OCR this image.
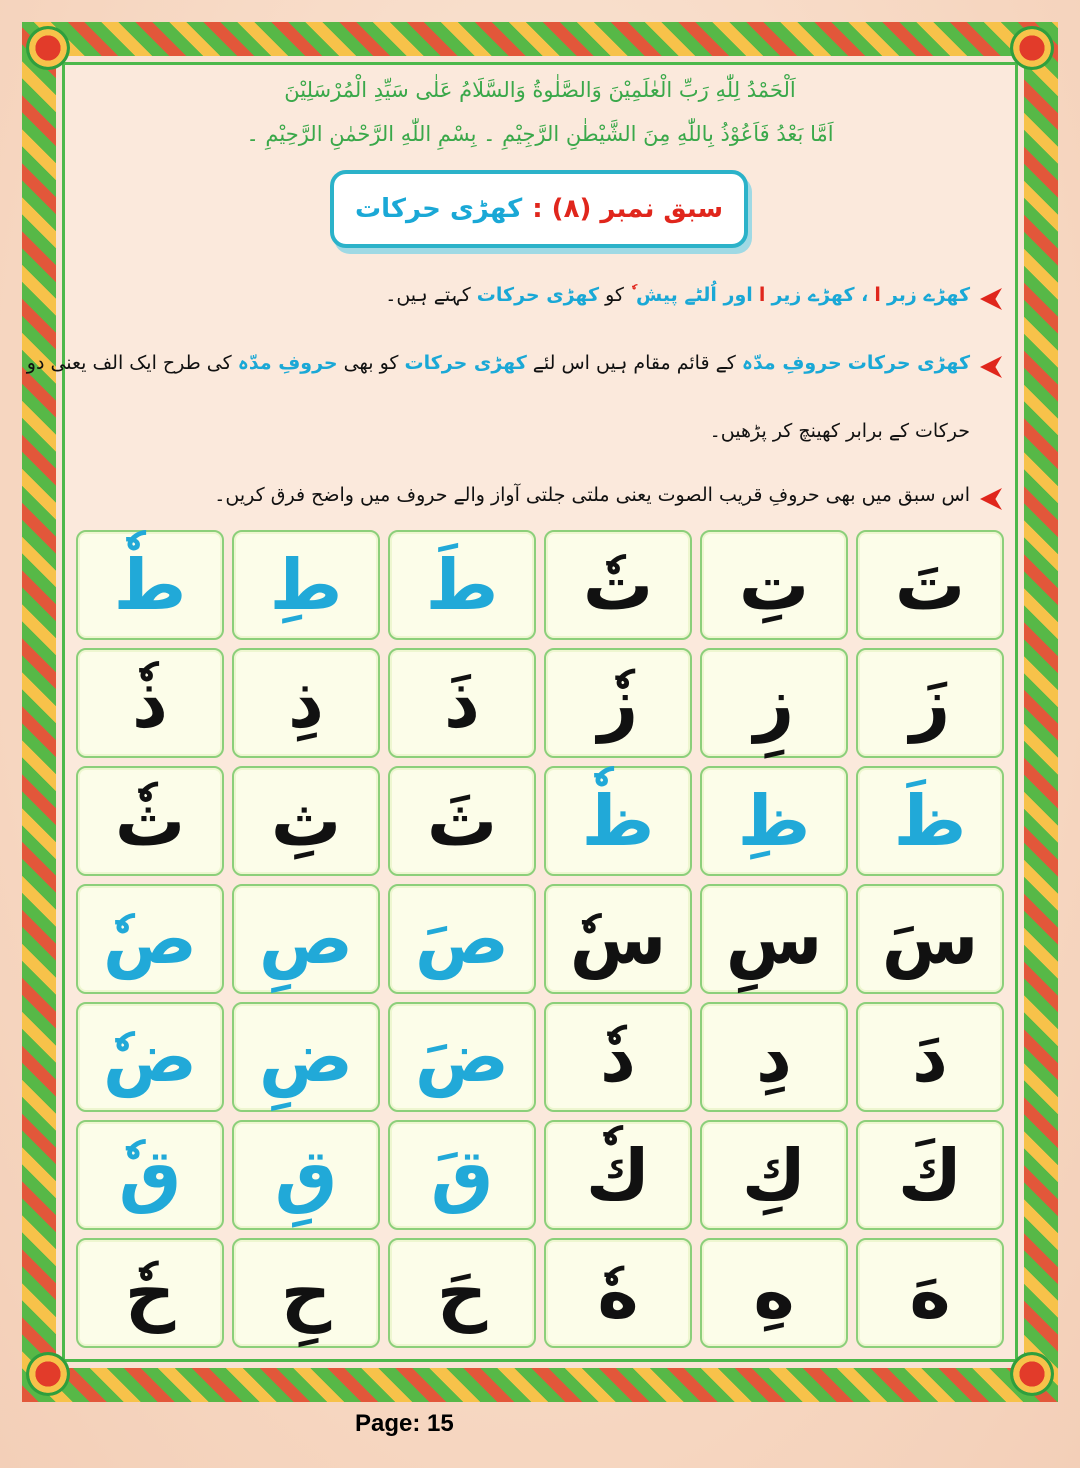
اَلْحَمْدُ لِلّٰهِ رَبِّ الْعٰلَمِيْنَ وَالصَّلٰوةُ وَالسَّلَامُ عَلٰى سَيِّدِ الْمُرْسَلِيْنَ
اَمَّا بَعْدُ فَاَعُوْذُ بِاللّٰهِ مِنَ الشَّيْطٰنِ الرَّجِيْمِ ۔ بِسْمِ اللّٰهِ الرَّحْمٰنِ الرَّحِيْمِ ۔
سبق نمبر (۸) :
کھڑی حرکات
کھڑے زبر ا ، کھڑے زیر ا اور اُلٹے پیش کو کھڑی حرکات کہتے ہیں۔
کھڑی حرکات حروفِ مدّہ کے قائم مقام ہیں اس لئے کھڑی حرکات کو بھی حروفِ مدّہ کی طرح ایک الف یعنی دو
حرکات کے برابر کھینچ کر پڑھیں۔
اس سبق میں بھی حروفِ قریب الصوت یعنی ملتی جلتی آواز والے حروف میں واضح فرق کریں۔
تَ
تِ
تٗ
طَ
طِ
طٗ
زَ
زِ
زٗ
ذَ
ذِ
ذٗ
ظَ
ظِ
ظٗ
ثَ
ثِ
ثٗ
سَ
سِ
سٗ
صَ
صِ
صٗ
دَ
دِ
دٗ
ضَ
ضِ
ضٗ
كَ
كِ
كٗ
قَ
قِ
قٗ
هَ
هِ
هٗ
حَ
حِ
حٗ
Page: 15
